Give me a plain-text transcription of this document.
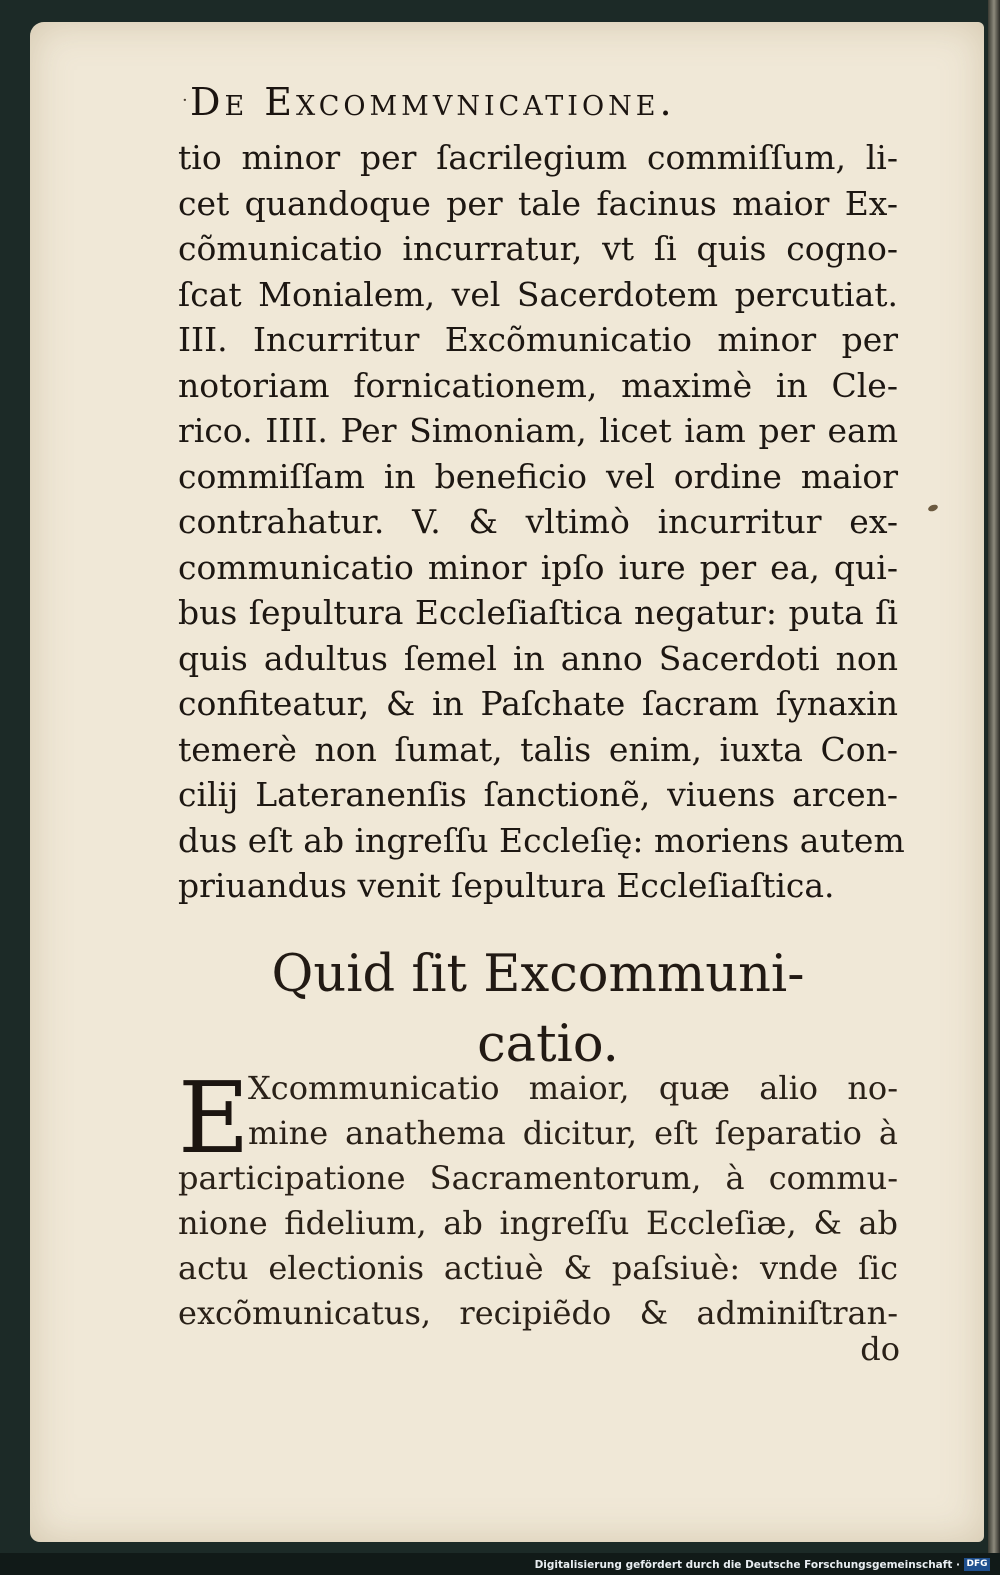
· De Excommvnicatione.
tio minor per ſacrilegium commiſſum, li-
cet quandoque per tale facinus maior Ex-
cõmunicatio incurratur, vt ſi quis cogno-
ſcat Monialem, vel Sacerdotem percutiat.
III. Incurritur Excõmunicatio minor per
notoriam fornicationem, maximè in Cle-
rico. IIII. Per Simoniam, licet iam per eam
commiſſam in beneficio vel ordine maior
contrahatur. V. & vltimò incurritur ex-
communicatio minor ipſo iure per ea, qui-
bus ſepultura Eccleſiaſtica negatur: puta ſi
quis adultus ſemel in anno Sacerdoti non
confiteatur, & in Paſchate ſacram ſynaxin
temerè non ſumat, talis enim, iuxta Con-
cilij Lateranenſis ſanctionẽ, viuens arcen-
dus eſt ab ingreſſu Eccleſię: moriens autem
priuandus venit ſepultura Eccleſiaſtica.
Quid ſit Excommuni-
catio.
E
Xcommunicatio maior, quæ alio no-
mine anathema dicitur, eſt ſeparatio à
participatione Sacramentorum, à commu-
nione fidelium, ab ingreſſu Eccleſiæ, & ab
actu electionis actiuè & paſsiuè: vnde ſic
excõmunicatus, recipiẽdo & adminiſtran-
do
Digitalisierung gefördert durch die Deutsche Forschungsgemeinschaft · DFG
